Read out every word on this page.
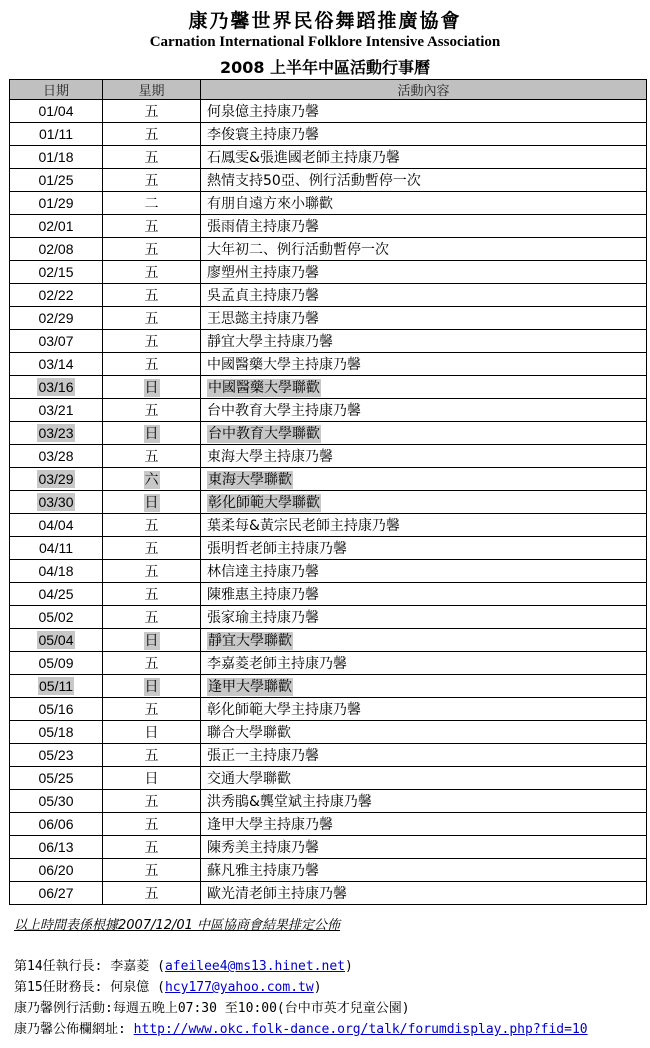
康乃馨世界民俗舞蹈推廣協會
Carnation International Folklore Intensive Association
2008 上半年中區活動行事曆
日期	星期	活動內容
01/04	五	何泉億主持康乃馨
01/11	五	李俊寰主持康乃馨
01/18	五	石鳳雯&張進國老師主持康乃馨
01/25	五	熱情支持50亞、例行活動暫停一次
01/29	二	有朋自遠方來小聯歡
02/01	五	張雨倩主持康乃馨
02/08	五	大年初二、例行活動暫停一次
02/15	五	廖塑州主持康乃馨
02/22	五	吳孟貞主持康乃馨
02/29	五	王思懿主持康乃馨
03/07	五	靜宜大學主持康乃馨
03/14	五	中國醫藥大學主持康乃馨
03/16	日	中國醫藥大學聯歡
03/21	五	台中教育大學主持康乃馨
03/23	日	台中教育大學聯歡
03/28	五	東海大學主持康乃馨
03/29	六	東海大學聯歡
03/30	日	彰化師範大學聯歡
04/04	五	葉柔每&黃宗民老師主持康乃馨
04/11	五	張明哲老師主持康乃馨
04/18	五	林信達主持康乃馨
04/25	五	陳雅惠主持康乃馨
05/02	五	張家瑜主持康乃馨
05/04	日	靜宜大學聯歡
05/09	五	李嘉菱老師主持康乃馨
05/11	日	逢甲大學聯歡
05/16	五	彰化師範大學主持康乃馨
05/18	日	聯合大學聯歡
05/23	五	張正一主持康乃馨
05/25	日	交通大學聯歡
05/30	五	洪秀鵑&龔堂斌主持康乃馨
06/06	五	逢甲大學主持康乃馨
06/13	五	陳秀美主持康乃馨
06/20	五	蘇凡雅主持康乃馨
06/27	五	歐光清老師主持康乃馨
以上時間表係根據2007/12/01 中區協商會結果排定公佈
第14任執行長: 李嘉菱 (afeilee4@ms13.hinet.net)
第15任財務長: 何泉億 (hcy177@yahoo.com.tw)
康乃馨例行活動:每週五晚上07:30 至10:00(台中市英才兒童公園)
康乃馨公佈欄網址: http://www.okc.folk-dance.org/talk/forumdisplay.php?fid=10
